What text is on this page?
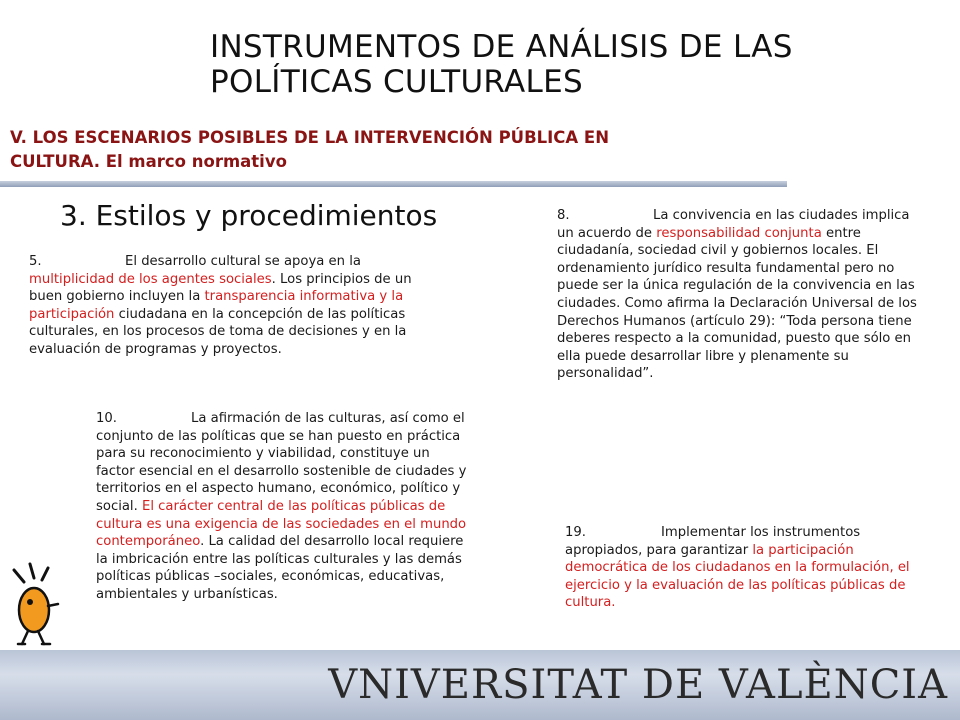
INSTRUMENTOS DE ANÁLISIS DE LAS
POLÍTICAS CULTURALES
V. LOS ESCENARIOS POSIBLES DE LA INTERVENCIÓN PÚBLICA EN
CULTURA. El marco normativo
3. Estilos y procedimientos
5.	El desarrollo cultural se apoya en la multiplicidad de los agentes sociales. Los principios de un buen gobierno incluyen la transparencia informativa y la participación ciudadana en la concepción de las políticas culturales, en los procesos de toma de decisiones y en la evaluación de programas y proyectos.
10.	La afirmación de las culturas, así como el conjunto de las políticas que se han puesto en práctica para su reconocimiento y viabilidad, constituye un factor esencial en el desarrollo sostenible de ciudades y territorios en el aspecto humano, económico, político y social. El carácter central de las políticas públicas de cultura es una exigencia de las sociedades en el mundo contemporáneo. La calidad del desarrollo local requiere la imbricación entre las políticas culturales y las demás políticas públicas –sociales, económicas, educativas, ambientales y urbanísticas.
8.	La convivencia en las ciudades implica un acuerdo de responsabilidad conjunta entre ciudadanía, sociedad civil y gobiernos locales. El ordenamiento jurídico resulta fundamental pero no puede ser la única regulación de la convivencia en las ciudades. Como afirma la Declaración Universal de los Derechos Humanos (artículo 29): “Toda persona tiene deberes respecto a la comunidad, puesto que sólo en ella puede desarrollar libre y plenamente su personalidad”.
19.	Implementar los instrumentos apropiados, para garantizar la participación democrática de los ciudadanos en la formulación, el ejercicio y la evaluación de las políticas públicas de cultura.
VNIVERSITAT DE VALÈNCIA
